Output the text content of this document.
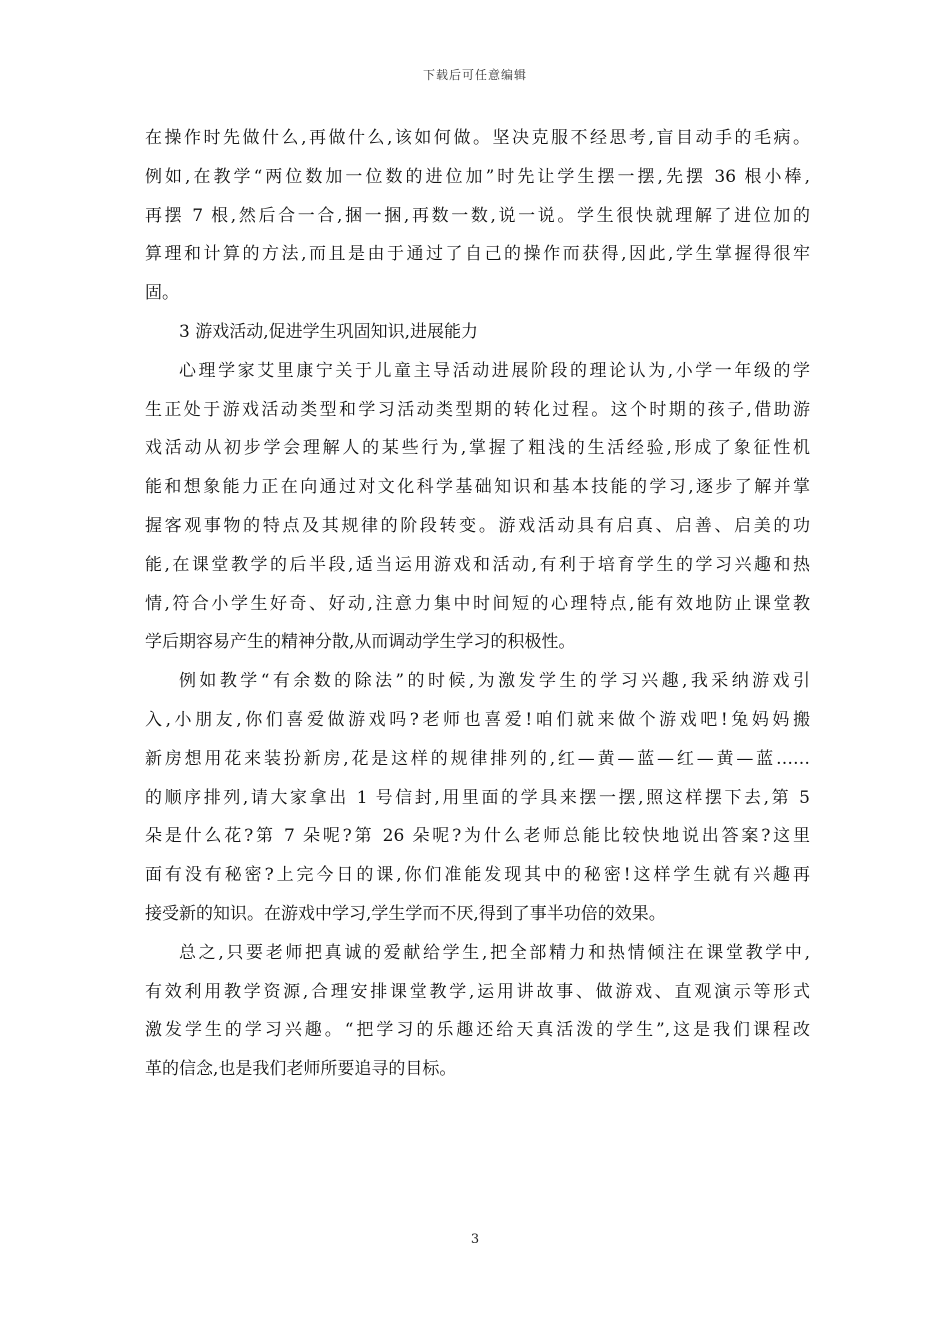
下载后可任意编辑
在操作时先做什么,再做什么,该如何做。坚决克服不经思考,盲目动手的毛病。
例如,在教学“两位数加一位数的进位加”时先让学生摆一摆,先摆 36 根小棒,
再摆 7 根,然后合一合,捆一捆,再数一数,说一说。学生很快就理解了进位加的
算理和计算的方法,而且是由于通过了自己的操作而获得,因此,学生掌握得很牢
固。
3 游戏活动,促进学生巩固知识,进展能力
心理学家艾里康宁关于儿童主导活动进展阶段的理论认为,小学一年级的学
生正处于游戏活动类型和学习活动类型期的转化过程。这个时期的孩子,借助游
戏活动从初步学会理解人的某些行为,掌握了粗浅的生活经验,形成了象征性机
能和想象能力正在向通过对文化科学基础知识和基本技能的学习,逐步了解并掌
握客观事物的特点及其规律的阶段转变。游戏活动具有启真、启善、启美的功
能,在课堂教学的后半段,适当运用游戏和活动,有利于培育学生的学习兴趣和热
情,符合小学生好奇、好动,注意力集中时间短的心理特点,能有效地防止课堂教
学后期容易产生的精神分散,从而调动学生学习的积极性。
例如教学“有余数的除法”的时候,为激发学生的学习兴趣,我采纳游戏引
入,小朋友,你们喜爱做游戏吗?老师也喜爱!咱们就来做个游戏吧!兔妈妈搬
新房想用花来装扮新房,花是这样的规律排列的,红—黄—蓝—红—黄—蓝……
的顺序排列,请大家拿出 1 号信封,用里面的学具来摆一摆,照这样摆下去,第 5
朵是什么花?第 7 朵呢?第 26 朵呢?为什么老师总能比较快地说出答案?这里
面有没有秘密?上完今日的课,你们准能发现其中的秘密!这样学生就有兴趣再
接受新的知识。在游戏中学习,学生学而不厌,得到了事半功倍的效果。
总之,只要老师把真诚的爱献给学生,把全部精力和热情倾注在课堂教学中,
有效利用教学资源,合理安排课堂教学,运用讲故事、做游戏、直观演示等形式
激发学生的学习兴趣。“把学习的乐趣还给天真活泼的学生”,这是我们课程改
革的信念,也是我们老师所要追寻的目标。
3
